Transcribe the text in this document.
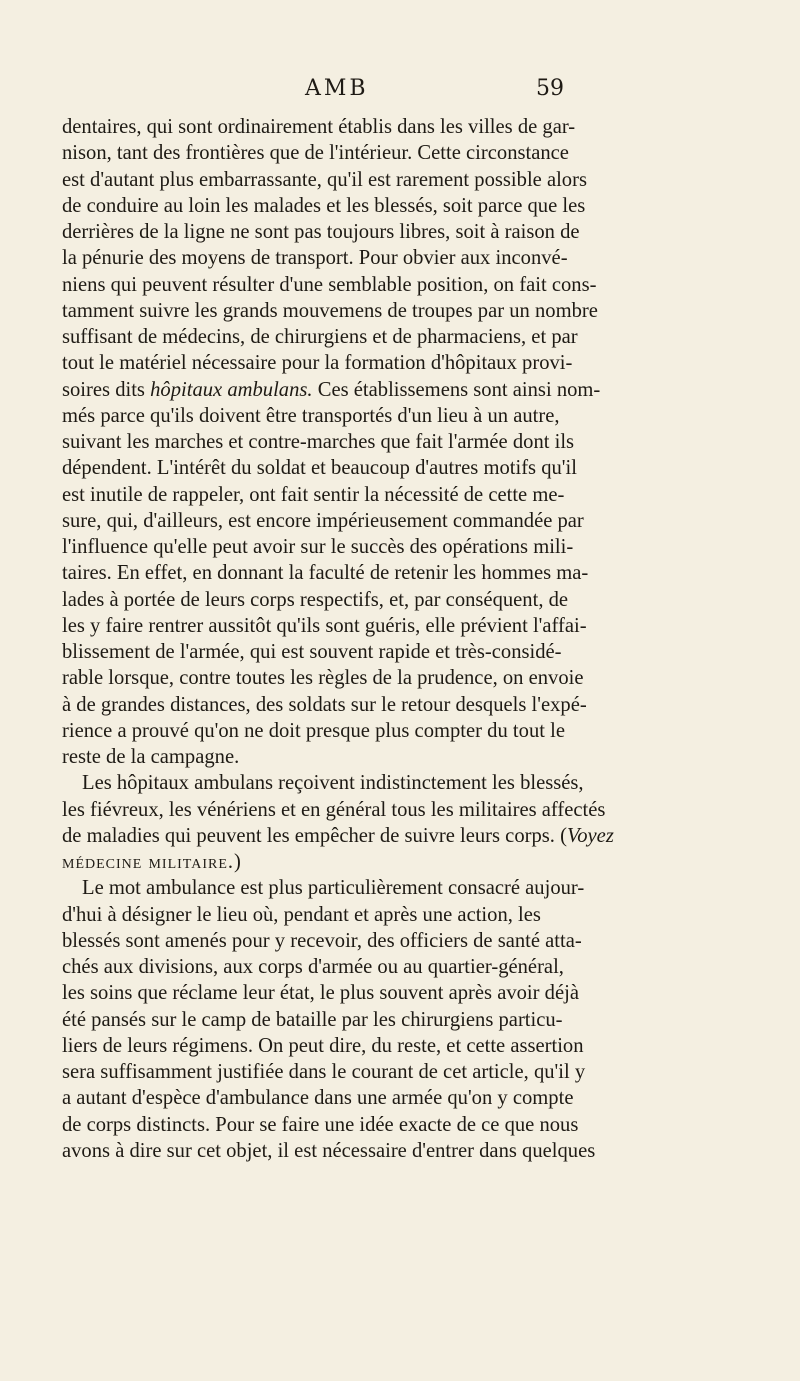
AMB	59
dentaires, qui sont ordinairement établis dans les villes de gar-
nison, tant des frontières que de l'intérieur. Cette circonstance
est d'autant plus embarrassante, qu'il est rarement possible alors
de conduire au loin les malades et les blessés, soit parce que les
derrières de la ligne ne sont pas toujours libres, soit à raison de
la pénurie des moyens de transport. Pour obvier aux inconvé-
niens qui peuvent résulter d'une semblable position, on fait cons-
tamment suivre les grands mouvemens de troupes par un nombre
suffisant de médecins, de chirurgiens et de pharmaciens, et par
tout le matériel nécessaire pour la formation d'hôpitaux provi-
soires dits hôpitaux ambulans. Ces établissemens sont ainsi nom-
més parce qu'ils doivent être transportés d'un lieu à un autre,
suivant les marches et contre-marches que fait l'armée dont ils
dépendent. L'intérêt du soldat et beaucoup d'autres motifs qu'il
est inutile de rappeler, ont fait sentir la nécessité de cette me-
sure, qui, d'ailleurs, est encore impérieusement commandée par
l'influence qu'elle peut avoir sur le succès des opérations mili-
taires. En effet, en donnant la faculté de retenir les hommes ma-
lades à portée de leurs corps respectifs, et, par conséquent, de
les y faire rentrer aussitôt qu'ils sont guéris, elle prévient l'affai-
blissement de l'armée, qui est souvent rapide et très-considé-
rable lorsque, contre toutes les règles de la prudence, on envoie
à de grandes distances, des soldats sur le retour desquels l'expé-
rience a prouvé qu'on ne doit presque plus compter du tout le
reste de la campagne.
Les hôpitaux ambulans reçoivent indistinctement les blessés,
les fiévreux, les vénériens et en général tous les militaires affectés
de maladies qui peuvent les empêcher de suivre leurs corps. (Voyez
médecine militaire.)
Le mot ambulance est plus particulièrement consacré aujour-
d'hui à désigner le lieu où, pendant et après une action, les
blessés sont amenés pour y recevoir, des officiers de santé atta-
chés aux divisions, aux corps d'armée ou au quartier-général,
les soins que réclame leur état, le plus souvent après avoir déjà
été pansés sur le camp de bataille par les chirurgiens particu-
liers de leurs régimens. On peut dire, du reste, et cette assertion
sera suffisamment justifiée dans le courant de cet article, qu'il y
a autant d'espèce d'ambulance dans une armée qu'on y compte
de corps distincts. Pour se faire une idée exacte de ce que nous
avons à dire sur cet objet, il est nécessaire d'entrer dans quelques
